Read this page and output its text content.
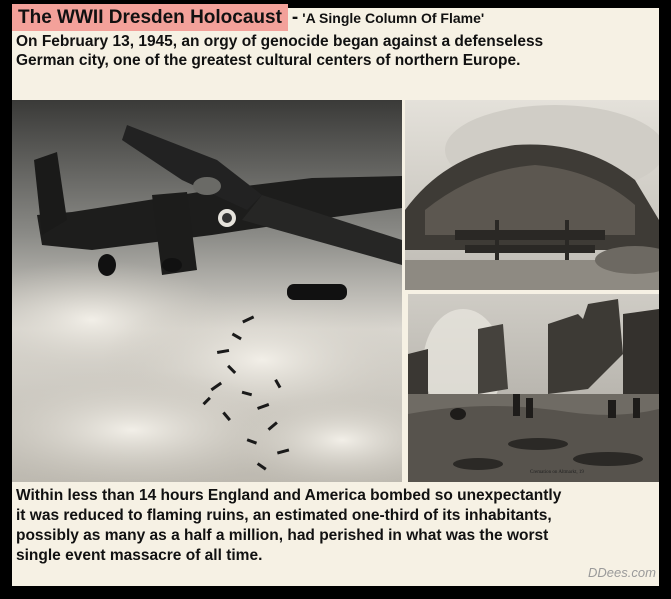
The WWII Dresden Holocaust - 'A Single Column Of Flame'
On February 13, 1945, an orgy of genocide began against a defenseless
German city, one of the greatest cultural centers of northern Europe.
Cremation on Altmarkt, 19
Within less than 14 hours England and America bombed so unexpectantly
it was reduced to flaming ruins, an estimated one-third of its inhabitants,
possibly as many as a half a million, had perished in what was the worst
single event massacre of all time.
DDees.com
